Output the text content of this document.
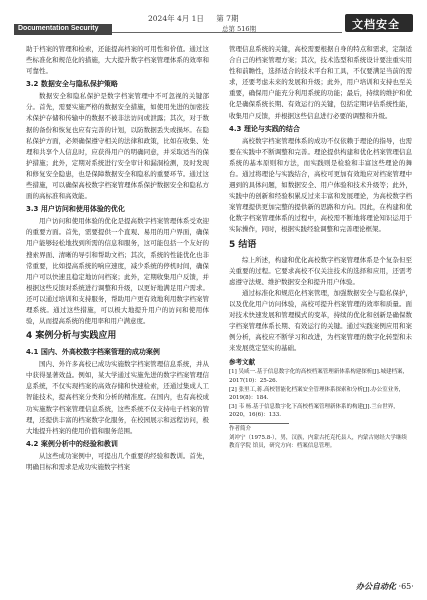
2024年 4月 1日 第 7期
Documentation Security	总第 516期	文档安全
助于档案的管理和检索，还能提高档案的可用性和价值。通过这些标准化和规范化的措施，大大提升数字档案管理体系的效率和可靠性。
3.2 数据安全与隐私保护策略
数据安全和隐私保护是数字档案管理中不可忽视的关键部分。首先，需要实施严格的数据安全措施，如使用先进的加密技术保护存储和传输中的数据不被非法访问或泄露；其次，对于数据的备份和恢复也应有完善的计划，以防数据丢失或损坏。在隐私保护方面，必须确保遵守相关的法律和政策，比如在收集、处理和共享个人信息时，应获得用户的明确同意，并采取适当的保护措施；此外，定期对系统进行安全审计和漏洞检测，及时发现和修复安全隐患，也是保障数据安全和隐私的重要环节。通过这些措施，可以确保高校数字档案管理体系保护数据安全和隐私方面的高标准和高效能。
3.3 用户访问和使用体验的优化
用户访问和使用体验的优化是提高数字档案管理体系受欢迎的重要方面。首先，需要提供一个直观、易用的用户界面，确保用户能够轻松地找到所需的信息和服务，这可能包括一个友好的搜索界面、清晰的导引和帮助文档；其次，系统的性能优化也非常重要，比如提高系统的响应速度，减少系统的停机时间，确保用户可以快速且稳定地访问档案；此外，定期收集用户反馈，并根据这些反馈对系统进行调整和升级，以更好地满足用户需求。还可以通过培训和支持服务，帮助用户更有效地利用数字档案管理系统。通过这些措施，可以极大地提升用户的访问和使用体验，从而提高系统的使用率和用户满意度。
4 案例分析与实践应用
4.1 国内、外高校数字档案管理的成功案例
国内、外许多高校已成功实施数字档案管理信息系统，并从中获得显著效益。例如，某大学通过实施先进的数字档案管理信息系统，不仅实现档案的高效存储和快速检索，还通过集成人工智能技术，提高档案分类和分析的精准度。在国内，也有高校成功实施数字档案管理信息系统，这些系统不仅支持电子档案的管理，还提供丰富的档案数字化服务，在校园展示和远程访问，极大地提升档案的使用价值和服务范围。
4.2 案例分析中的经验和教训
从这些成功案例中，可提出几个重要的经验和教训。首先，明确目标和需求是成功实施数字档案
管理信息系统的关键，高校需要根据自身的特点和需求，定制适合自己的档案管理方案；其次，技术选型和系统设计要注重实用性和前瞻性，选择适合的技术平台和工具，不仅要满足当前的需求，还要考虑未来的发展和升级；此外，用户培训和支持也至关重要，确保用户能充分利用系统的功能；最后，持续的维护和优化是确保系统长期、有效运行的关键，包括定期评估系统性能，收集用户反馈，并根据这些信息进行必要的调整和升级。
4.3 理论与实践的结合
高校数字档案管理体系的成功不仅依赖于理论的指导，也需要在实践中不断调整和完善。理论提供构建和优化档案管理信息系统的基本原则和方法，而实践则是检验和丰富这些理论的舞台。通过将理论与实践结合，高校可更加有效地应对档案管理中遇到的具体问题，如数据安全、用户体验和技术升级等；此外，实践中的创新和经验积累反过来丰富和发展理论，为高校数字档案管理提供更加完整的提供新的思路和方向。因此，在构建和优化数字档案管理体系的过程中，高校需不断地将理论知识运用于实际操作，同时，根据实践经验调整和完善理论框架。
5 结语
综上所述，构建和优化高校数字档案管理体系是个复杂但至关重要的过程。它要求高校不仅关注技术的选择和应用，还需考虑遵守法规、维护数据安全和提升用户体验。
通过标准化和规范化档案管理，加强数据安全与隐私保护，以及优化用户访问体验，高校可提升档案管理的效率和质量。面对技术快速发展和管理模式的变革，持续的优化和创新是确保数字档案管理体系长期、有效运行的关键。通过实践案例应用和案例分析，高校应不断学习和改进，为档案管理的数字化转型和未来发展奠定坚实的基础。
参考文献
[1] 吴咸一.基于信息数字化的高校档案管理新体系构建探析[J].城建档案，2017(10)：25-26.
[2] 张里工,蒋.高校智能化档案安全管理体系探索和分析[J].办公室业务，2019(8)：184.
[3] 韦 杨.基于信息数字化下高校档案管理新体系的构建[J].兰台世界，2020，16(6)：133.
作者简介
刘冲宁（1975.8-），男，汉族，内蒙古托克托县人，内蒙古财经大学继续教育学院 馆员，研究方向：档案信息管理。
办公自动化 ·65·
